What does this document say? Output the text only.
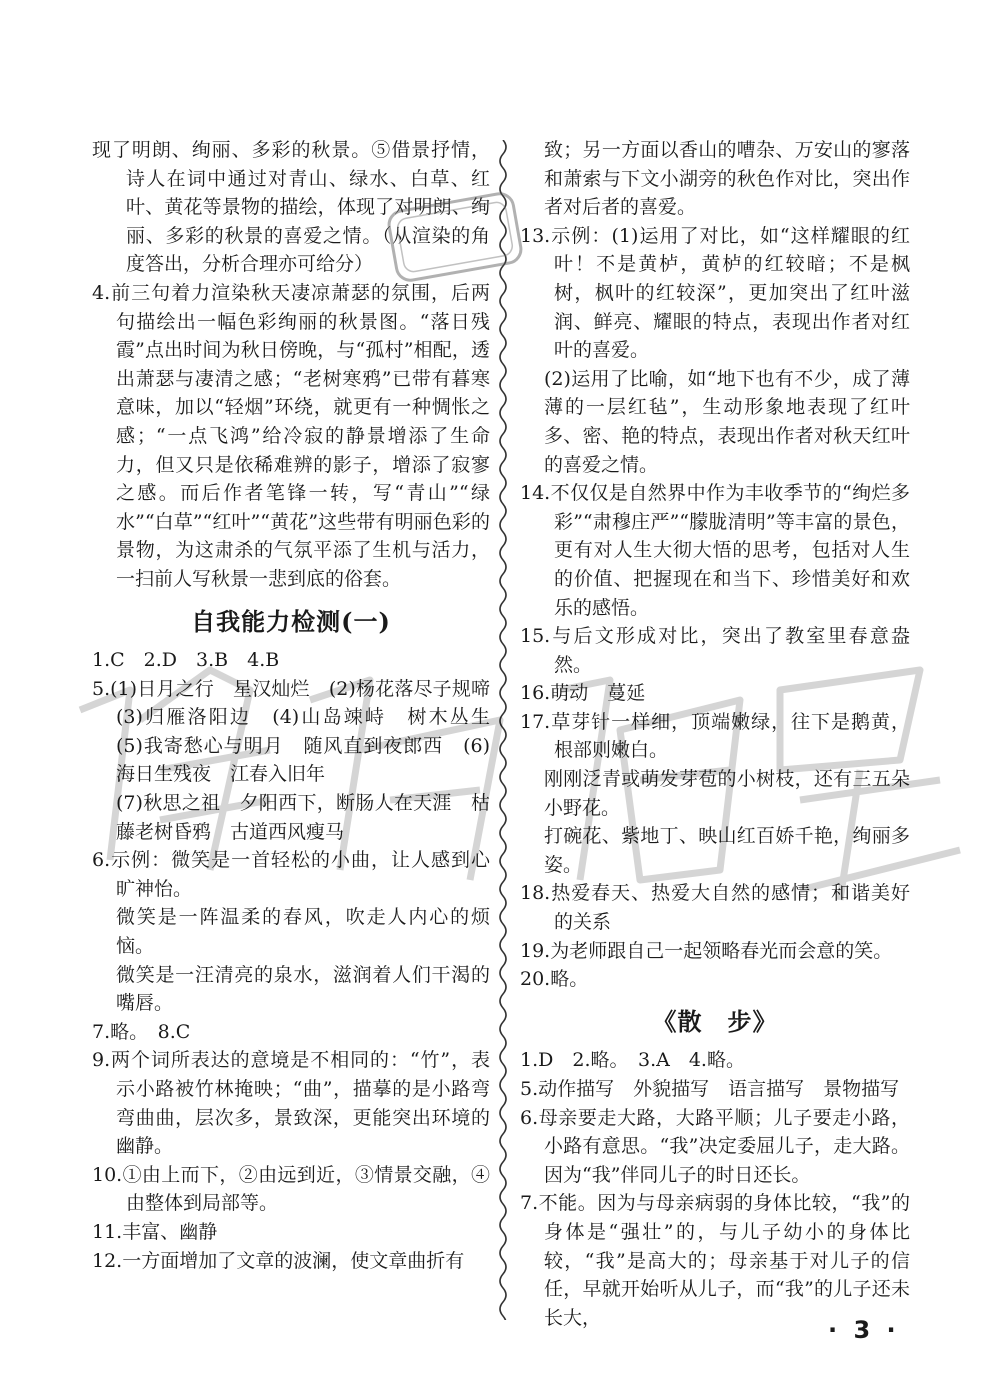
现了明朗、绚丽、多彩的秋景。⑤借景抒情，诗人在词中通过对青山、绿水、白草、红叶、黄花等景物的描绘，体现了对明朗、绚丽、多彩的秋景的喜爱之情。（从渲染的角度答出，分析合理亦可给分）

4.前三句着力渲染秋天凄凉萧瑟的氛围，后两句描绘出一幅色彩绚丽的秋景图。“落日残霞”点出时间为秋日傍晚，与“孤村”相配，透出萧瑟与凄清之感；“老树寒鸦”已带有暮寒意味，加以“轻烟”环绕，就更有一种惆怅之感；“一点飞鸿”给冷寂的静景增添了生命力，但又只是依稀难辨的影子，增添了寂寥之感。而后作者笔锋一转，写“青山”“绿水”“白草”“红叶”“黄花”这些带有明丽色彩的景物，为这肃杀的气氛平添了生机与活力，一扫前人写秋景一悲到底的俗套。

自我能力检测(一)

1.C　2.D　3.B　4.B

5.(1)日月之行　星汉灿烂　(2)杨花落尽子规啼　(3)归雁洛阳边　(4)山岛竦峙　树木丛生　(5)我寄愁心与明月　随风直到夜郎西　(6)海日生残夜　江春入旧年

(7)秋思之祖　夕阳西下，断肠人在天涯　枯藤老树昏鸦　古道西风瘦马

6.示例：微笑是一首轻松的小曲，让人感到心旷神怡。

微笑是一阵温柔的春风，吹走人内心的烦恼。

微笑是一汪清亮的泉水，滋润着人们干渴的嘴唇。

7.略。　8.C

9.两个词所表达的意境是不相同的：“竹”，表示小路被竹林掩映；“曲”，描摹的是小路弯弯曲曲，层次多，景致深，更能突出环境的幽静。

10.①由上而下，②由远到近，③情景交融，④由整体到局部等。

11.丰富、幽静

12.一方面增加了文章的波澜，使文章曲折有

致；另一方面以香山的嘈杂、万安山的寥落和萧索与下文小湖旁的秋色作对比，突出作者对后者的喜爱。

13.示例：(1)运用了对比，如“这样耀眼的红叶！不是黄栌，黄栌的红较暗；不是枫树，枫叶的红较深”，更加突出了红叶滋润、鲜亮、耀眼的特点，表现出作者对红叶的喜爱。

(2)运用了比喻，如“地下也有不少，成了薄薄的一层红毡”，生动形象地表现了红叶多、密、艳的特点，表现出作者对秋天红叶的喜爱之情。

14.不仅仅是自然界中作为丰收季节的“绚烂多彩”“肃穆庄严”“朦胧清明”等丰富的景色，更有对人生大彻大悟的思考，包括对人生的价值、把握现在和当下、珍惜美好和欢乐的感悟。

15.与后文形成对比，突出了教室里春意盎然。

16.萌动　蔓延

17.草芽针一样细，顶端嫩绿，往下是鹅黄，根部则嫩白。

刚刚泛青或萌发芽苞的小树枝，还有三五朵小野花。

打碗花、紫地丁、映山红百娇千艳，绚丽多姿。

18.热爱春天、热爱大自然的感情；和谐美好的关系

19.为老师跟自己一起领略春光而会意的笑。

20.略。

《散　步》

1.D　2.略。　3.A　4.略。

5.动作描写　外貌描写　语言描写　景物描写

6.母亲要走大路，大路平顺；儿子要走小路，小路有意思。“我”决定委屈儿子，走大路。因为“我”伴同儿子的时日还长。

7.不能。因为与母亲病弱的身体比较，“我”的身体是“强壮”的，与儿子幼小的身体比较，“我”是高大的；母亲基于对儿子的信任，早就开始听从儿子，而“我”的儿子还未长大，	· 3 ·
